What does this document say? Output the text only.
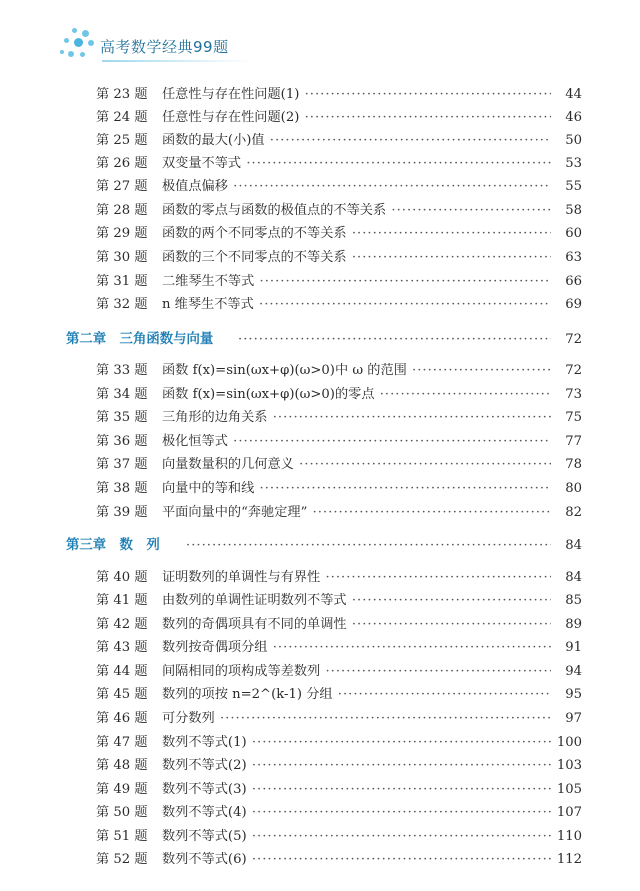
高考数学经典99题
第 23 题 任意性与存在性问题(1) ·····	44
第 24 题 任意性与存在性问题(2) ·····	46
第 25 题 函数的最大(小)值 ·····	50
第 26 题 双变量不等式 ·····	53
第 27 题 极值点偏移 ·····	55
第 28 题 函数的零点与函数的极值点的不等关系 ·····	58
第 29 题 函数的两个不同零点的不等关系 ·····	60
第 30 题 函数的三个不同零点的不等关系 ·····	63
第 31 题 二维琴生不等式 ·····	66
第 32 题 n 维琴生不等式 ·····	69
第二章　三角函数与向量 ·····	72
第 33 题 函数 f(x)=sin(ωx+φ)(ω>0)中 ω 的范围 ·····	72
第 34 题 函数 f(x)=sin(ωx+φ)(ω>0)的零点 ·····	73
第 35 题 三角形的边角关系 ·····	75
第 36 题 极化恒等式 ·····	77
第 37 题 向量数量积的几何意义 ·····	78
第 38 题 向量中的等和线 ·····	80
第 39 题 平面向量中的“奔驰定理” ·····	82
第三章　数　列 ·····	84
第 40 题 证明数列的单调性与有界性 ·····	84
第 41 题 由数列的单调性证明数列不等式 ·····	85
第 42 题 数列的奇偶项具有不同的单调性 ·····	89
第 43 题 数列按奇偶项分组 ·····	91
第 44 题 间隔相同的项构成等差数列 ·····	94
第 45 题 数列的项按 n=2^(k-1) 分组 ·····	95
第 46 题 可分数列 ·····	97
第 47 题 数列不等式(1) ·····	100
第 48 题 数列不等式(2) ·····	103
第 49 题 数列不等式(3) ·····	105
第 50 题 数列不等式(4) ·····	107
第 51 题 数列不等式(5) ·····	110
第 52 题 数列不等式(6) ·····	112
